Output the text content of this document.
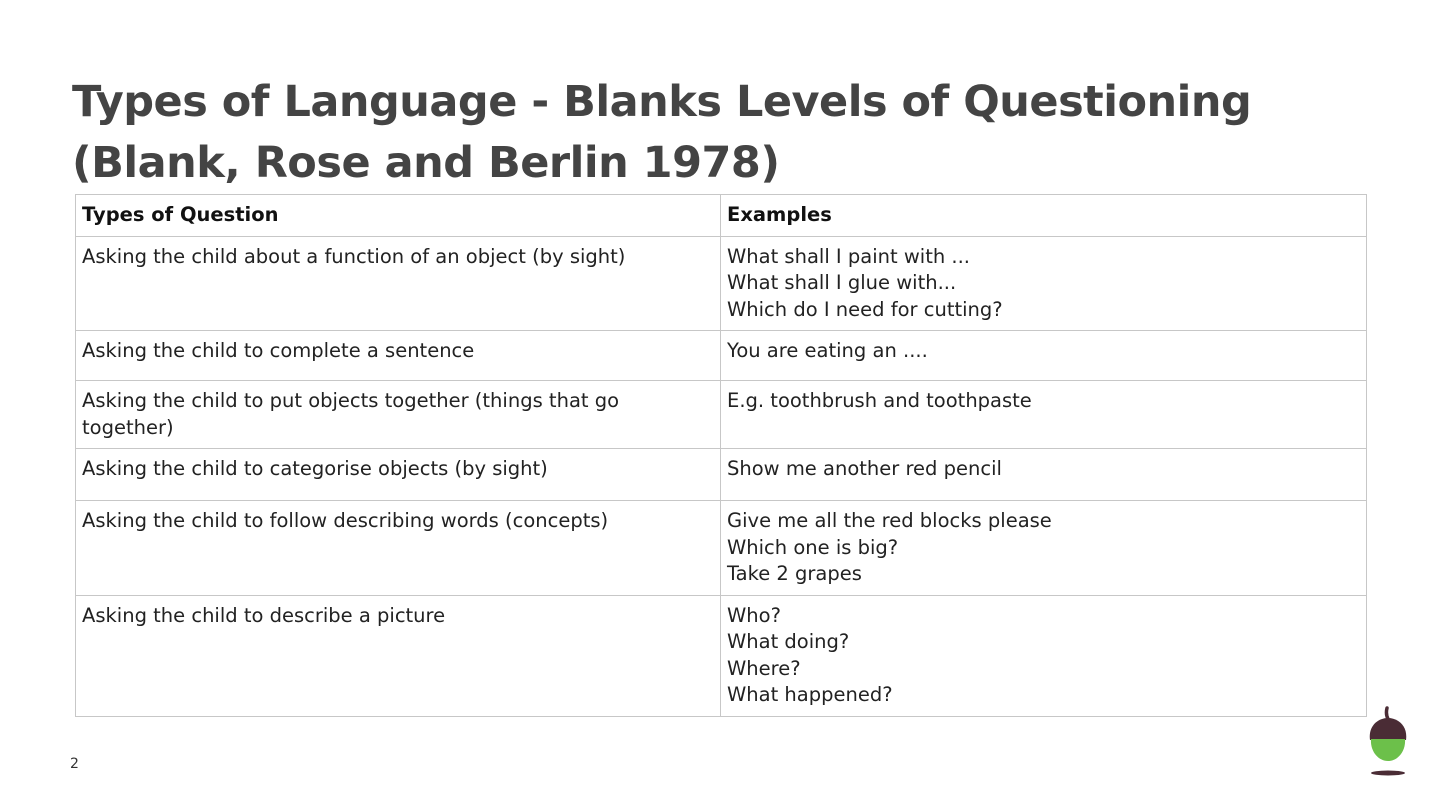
Types of Language - Blanks Levels of Questioning
(Blank, Rose and Berlin 1978)
Types of Question	Examples
Asking the child about a function of an object (by sight)	What shall I paint with ...
What shall I glue with...
Which do I need for cutting?

Asking the child to complete a sentence	You are eating an ....

Asking the child to put objects together (things that go together)	E.g. toothbrush and toothpaste

Asking the child to categorise objects (by sight)	Show me another red pencil

Asking the child to follow describing words (concepts)	Give me all the red blocks please
Which one is big?
Take 2 grapes

Asking the child to describe a picture	Who?
What doing?
Where?
What happened?
2
